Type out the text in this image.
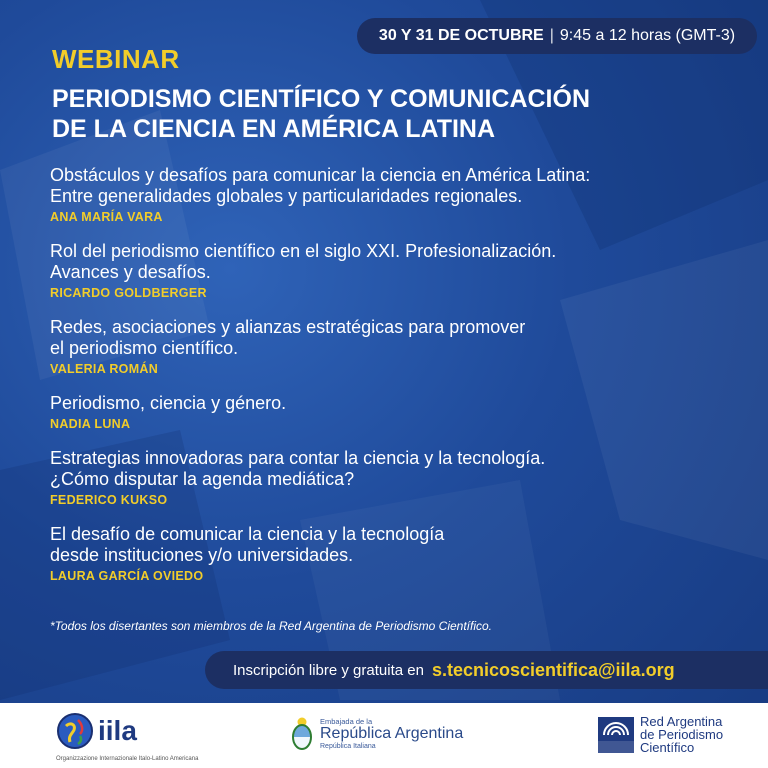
30 Y 31 DE OCTUBRE | 9:45 a 12 horas (GMT-3)
WEBINAR
PERIODISMO CIENTÍFICO Y COMUNICACIÓN
DE LA CIENCIA EN AMÉRICA LATINA
Obstáculos y desafíos para comunicar la ciencia en América Latina:
Entre generalidades globales y particularidades regionales.
ANA MARÍA VARA
Rol del periodismo científico en el siglo XXI. Profesionalización.
Avances y desafíos.
RICARDO GOLDBERGER
Redes, asociaciones y alianzas estratégicas para promover
el periodismo científico.
VALERIA ROMÁN
Periodismo, ciencia y género.
NADIA LUNA
Estrategias innovadoras para contar la ciencia y la tecnología.
¿Cómo disputar la agenda mediática?
FEDERICO KUKSO
El desafío de comunicar la ciencia y la tecnología
desde instituciones y/o universidades.
LAURA GARCÍA OVIEDO
*Todos los disertantes son miembros de la Red Argentina de Periodismo Científico.
Inscripción libre y gratuita en s.tecnicoscientifica@iila.org
iila
Organizzazione Internazionale Italo-Latino Americana
Embajada de la
República Argentina
República Italiana
Red Argentina
de Periodismo
Científico
